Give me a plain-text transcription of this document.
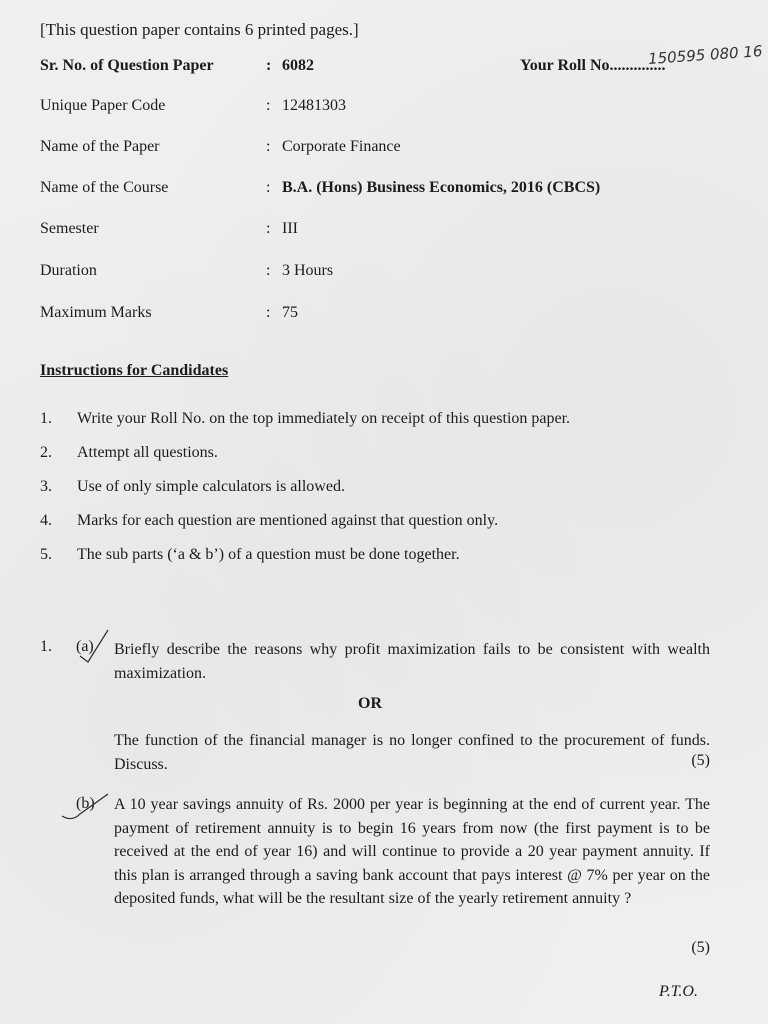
[This question paper contains 6 printed pages.]
Sr. No. of Question Paper	: 6082	Your Roll No..............
150595 080 16
Unique Paper Code	: 12481303
Name of the Paper	: Corporate Finance
Name of the Course	: B.A. (Hons) Business Economics, 2016 (CBCS)
Semester	: III
Duration	: 3 Hours
Maximum Marks	: 75
Instructions for Candidates
1. Write your Roll No. on the top immediately on receipt of this question paper.
2. Attempt all questions.
3. Use of only simple calculators is allowed.
4. Marks for each question are mentioned against that question only.
5. The sub parts (‘a & b’) of a question must be done together.
1. (a) Briefly describe the reasons why profit maximization fails to be consistent with wealth maximization.
OR
The function of the financial manager is no longer confined to the procurement of funds. Discuss.	(5)
(b) A 10 year savings annuity of Rs. 2000 per year is beginning at the end of current year. The payment of retirement annuity is to begin 16 years from now (the first payment is to be received at the end of year 16) and will continue to provide a 20 year payment annuity. If this plan is arranged through a saving bank account that pays interest @ 7% per year on the deposited funds, what will be the resultant size of the yearly retirement annuity ?
(5)
P.T.O.
